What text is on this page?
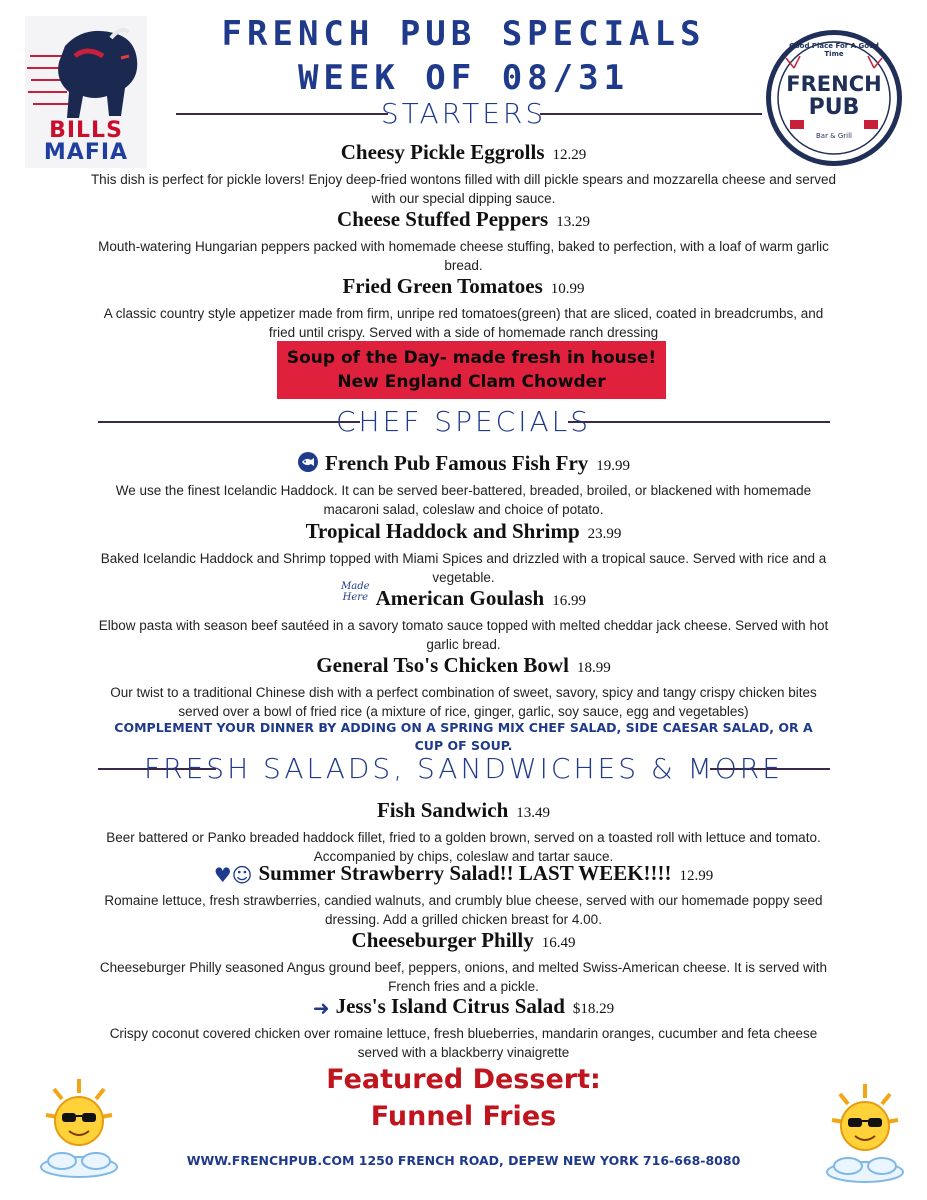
BILLS
MAFIA
Good Place For A Good Time
FRENCH
PUB
Bar & Grill
FRENCH PUB SPECIALS
WEEK OF 08/31
STARTERS
Cheesy Pickle Eggrolls 12.29
This dish is perfect for pickle lovers! Enjoy deep-fried wontons filled with dill pickle spears and mozzarella cheese and served with our special dipping sauce.
Cheese Stuffed Peppers 13.29
Mouth-watering Hungarian peppers packed with homemade cheese stuffing, baked to perfection, with a loaf of warm garlic bread.
Fried Green Tomatoes 10.99
A classic country style appetizer made from firm, unripe red tomatoes(green) that are sliced, coated in breadcrumbs, and fried until crispy. Served with a side of homemade ranch dressing
Soup of the Day- made fresh in house!
New England Clam Chowder
CHEF SPECIALS
French Pub Famous Fish Fry 19.99
We use the finest Icelandic Haddock. It can be served beer-battered, breaded, broiled, or blackened with homemade macaroni salad, coleslaw and choice of potato.
Tropical Haddock and Shrimp 23.99
Baked Icelandic Haddock and Shrimp topped with Miami Spices and drizzled with a tropical sauce. Served with rice and a vegetable.
Made
Here American Goulash 16.99
Elbow pasta with season beef sautéed in a savory tomato sauce topped with melted cheddar jack cheese. Served with hot garlic bread.
General Tso's Chicken Bowl 18.99
Our twist to a traditional Chinese dish with a perfect combination of sweet, savory, spicy and tangy crispy chicken bites served over a bowl of fried rice (a mixture of rice, ginger, garlic, soy sauce, egg and vegetables)
COMPLEMENT YOUR DINNER BY ADDING ON A SPRING MIX CHEF SALAD, SIDE CAESAR SALAD, OR A CUP OF SOUP.
FRESH SALADS, SANDWICHES & MORE
Fish Sandwich 13.49
Beer battered or Panko breaded haddock fillet, fried to a golden brown, served on a toasted roll with lettuce and tomato. Accompanied by chips, coleslaw and tartar sauce.
♥☺ Summer Strawberry Salad!! LAST WEEK!!!! 12.99
Romaine lettuce, fresh strawberries, candied walnuts, and crumbly blue cheese, served with our homemade poppy seed dressing. Add a grilled chicken breast for 4.00.
Cheeseburger Philly 16.49
Cheeseburger Philly seasoned Angus ground beef, peppers, onions, and melted Swiss-American cheese. It is served with French fries and a pickle.
➜ Jess's Island Citrus Salad $18.29
Crispy coconut covered chicken over romaine lettuce, fresh blueberries, mandarin oranges, cucumber and feta cheese served with a blackberry vinaigrette
Featured Dessert:
Funnel Fries
WWW.FRENCHPUB.COM 1250 FRENCH ROAD, DEPEW NEW YORK 716-668-8080
